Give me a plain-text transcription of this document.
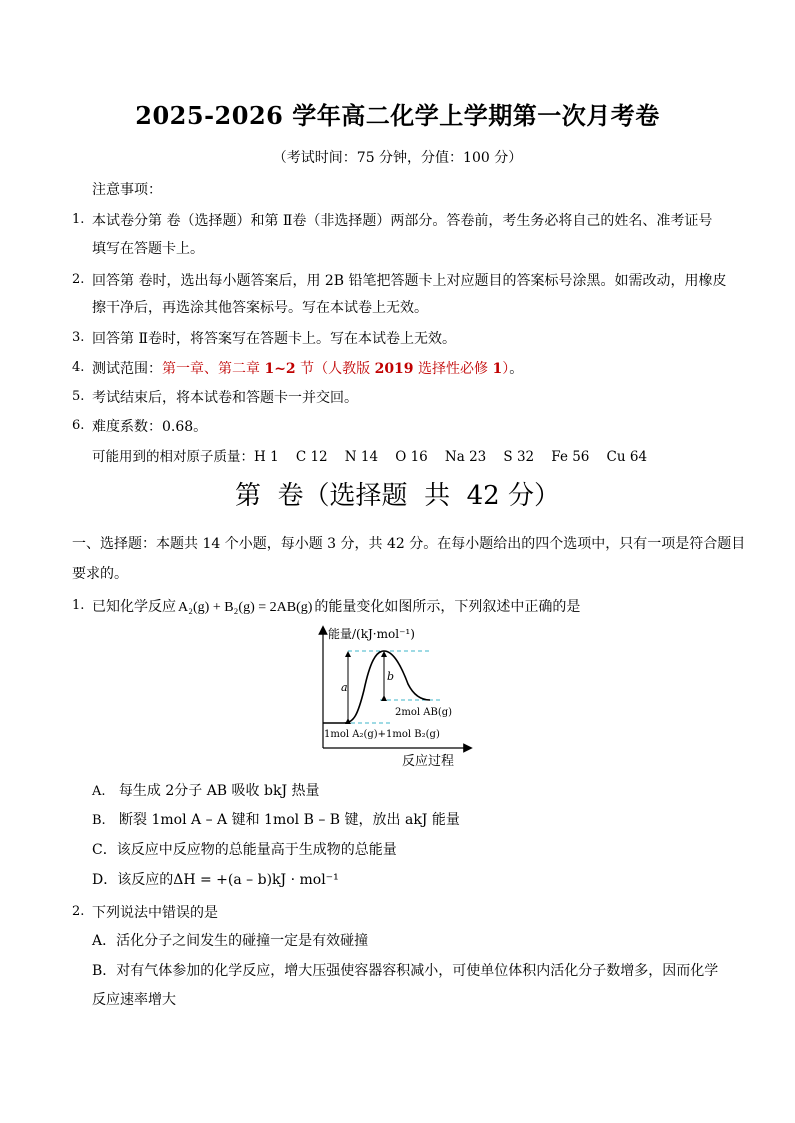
2025-2026 学年高二化学上学期第一次月考卷
（考试时间：75 分钟，分值：100 分）
注意事项：
1. 本试卷分第 卷（选择题）和第 Ⅱ卷（非选择题）两部分。答卷前，考生务必将自己的姓名、准考证号
填写在答题卡上。
2. 回答第 卷时，选出每小题答案后，用 2B 铅笔把答题卡上对应题目的答案标号涂黑。如需改动，用橡皮
擦干净后，再选涂其他答案标号。写在本试卷上无效。
3. 回答第 Ⅱ卷时，将答案写在答题卡上。写在本试卷上无效。
4. 测试范围：第一章、第二章 1~2 节（人教版 2019 选择性必修 1）。
5. 考试结束后，将本试卷和答题卡一并交回。
6. 难度系数：0.68。
可能用到的相对原子质量：H 1    C 12    N 14    O 16    Na 23    S 32    Fe 56    Cu 64
第  卷（选择题  共  42 分）
一、选择题：本题共 14 个小题，每小题 3 分，共 42 分。在每小题给出的四个选项中，只有一项是符合题目
要求的。
1. 已知化学反应 A₂(g) + B₂(g) = 2AB(g) 的能量变化如图所示，下列叙述中正确的是
a
b
能量/(kJ·mol⁻¹)
2mol AB(g)
1mol A₂(g)+1mol B₂(g)
反应过程
A. 每生成 2分子 AB 吸收 bkJ 热量
B. 断裂 1mol A – A 键和 1mol B – B 键，放出 akJ 能量
C．该反应中反应物的总能量高于生成物的总能量
D．该反应的ΔH = +(a – b)kJ · mol⁻¹
2. 下列说法中错误的是
A．活化分子之间发生的碰撞一定是有效碰撞
B．对有气体参加的化学反应，增大压强使容器容积减小，可使单位体积内活化分子数增多，因而化学
反应速率增大
